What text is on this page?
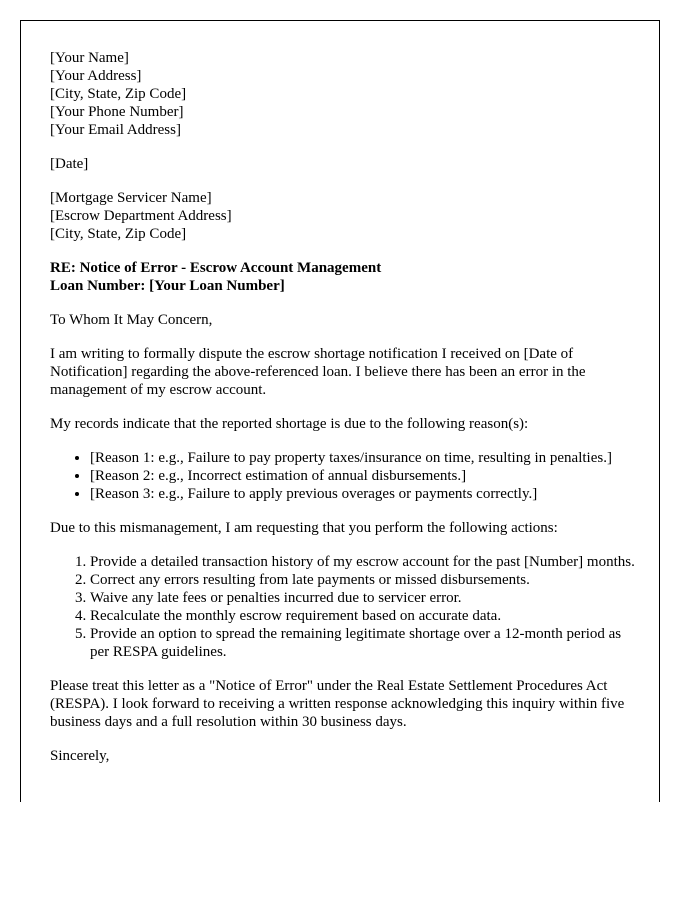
[Your Name]
[Your Address]
[City, State, Zip Code]
[Your Phone Number]
[Your Email Address]

[Date]

[Mortgage Servicer Name]
[Escrow Department Address]
[City, State, Zip Code]
RE: Notice of Error - Escrow Account Management
Loan Number: [Your Loan Number]

To Whom It May Concern,

I am writing to formally dispute the escrow shortage notification I received on [Date of Notification] regarding the above-referenced loan. I believe there has been an error in the management of my escrow account.

My records indicate that the reported shortage is due to the following reason(s):

• [Reason 1: e.g., Failure to pay property taxes/insurance on time, resulting in penalties.]
• [Reason 2: e.g., Incorrect estimation of annual disbursements.]
• [Reason 3: e.g., Failure to apply previous overages or payments correctly.]

Due to this mismanagement, I am requesting that you perform the following actions:

1. Provide a detailed transaction history of my escrow account for the past [Number] months.
2. Correct any errors resulting from late payments or missed disbursements.
3. Waive any late fees or penalties incurred due to servicer error.
4. Recalculate the monthly escrow requirement based on accurate data.
5. Provide an option to spread the remaining legitimate shortage over a 12-month period as per RESPA guidelines.

Please treat this letter as a "Notice of Error" under the Real Estate Settlement Procedures Act (RESPA). I look forward to receiving a written response acknowledging this inquiry within five business days and a full resolution within 30 business days.

Sincerely,
